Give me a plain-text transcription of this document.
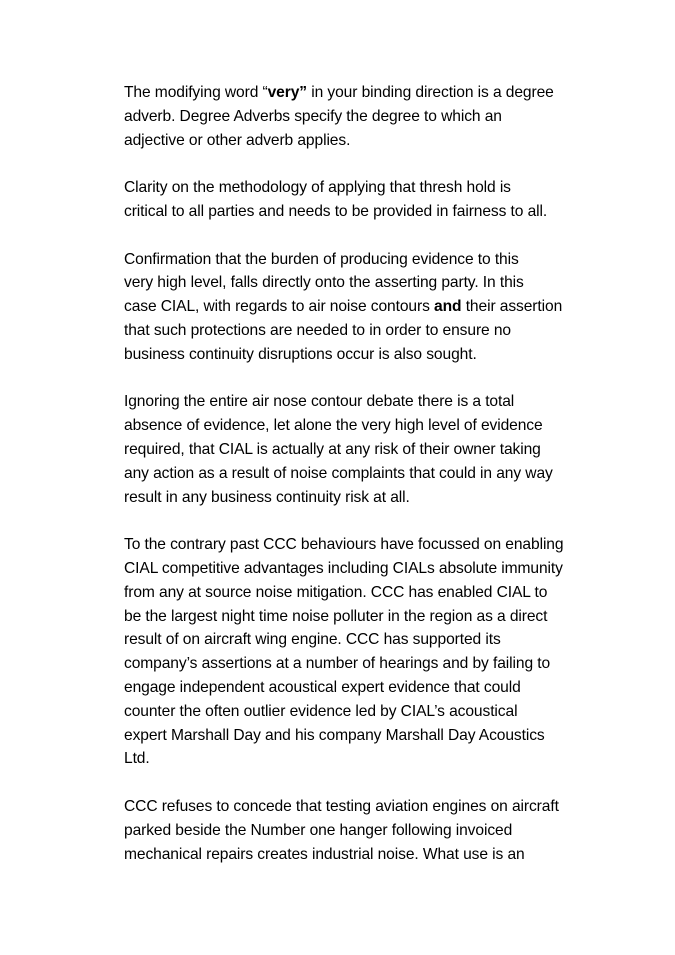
The modifying word “very” in your binding direction is a degree
adverb. Degree Adverbs specify the degree to which an
adjective or other adverb applies.

Clarity on the methodology of applying that thresh hold is
critical to all parties and needs to be provided in fairness to all.

Confirmation that the burden of producing evidence to this
very high level, falls directly onto the asserting party. In this
case CIAL, with regards to air noise contours and their assertion
that such protections are needed to in order to ensure no
business continuity disruptions occur is also sought.

Ignoring the entire air nose contour debate there is a total
absence of evidence, let alone the very high level of evidence
required, that CIAL is actually at any risk of their owner taking
any action as a result of noise complaints that could in any way
result in any business continuity risk at all.

To the contrary past CCC behaviours have focussed on enabling
CIAL competitive advantages including CIALs absolute immunity
from any at source noise mitigation. CCC has enabled CIAL to
be the largest night time noise polluter in the region as a direct
result of on aircraft wing engine. CCC has supported its
company’s assertions at a number of hearings and by failing to
engage independent acoustical expert evidence that could
counter the often outlier evidence led by CIAL’s acoustical
expert Marshall Day and his company Marshall Day Acoustics
Ltd.

CCC refuses to concede that testing aviation engines on aircraft
parked beside the Number one hanger following invoiced
mechanical repairs creates industrial noise. What use is an
